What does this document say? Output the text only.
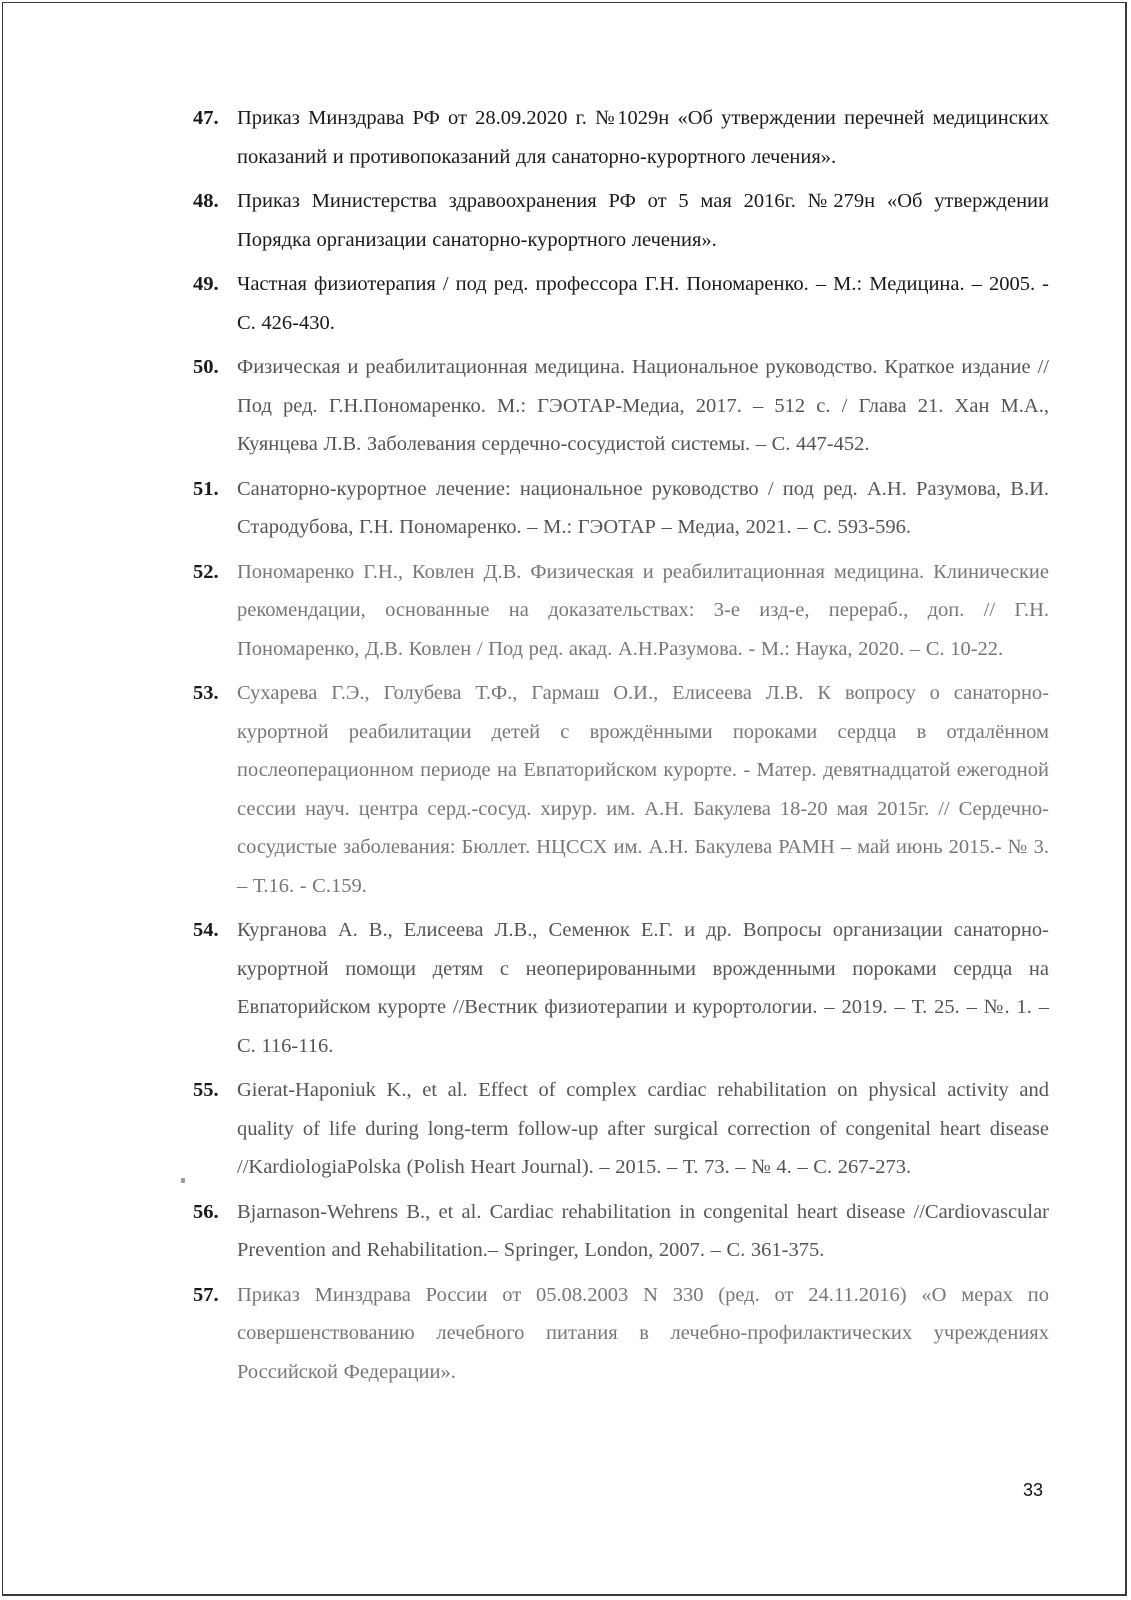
47. Приказ Минздрава РФ от 28.09.2020 г. №1029н «Об утверждении перечней медицинских показаний и противопоказаний для санаторно-курортного лечения».
48. Приказ Министерства здравоохранения РФ от 5 мая 2016г. №279н «Об утверждении Порядка организации санаторно-курортного лечения».
49. Частная физиотерапия / под ред. профессора Г.Н. Пономаренко. – М.: Медицина. – 2005. - С. 426-430.
50. Физическая и реабилитационная медицина. Национальное руководство. Краткое издание // Под ред. Г.Н.Пономаренко. М.: ГЭОТАР-Медиа, 2017. – 512 с. / Глава 21. Хан М.А., Куянцева Л.В. Заболевания сердечно-сосудистой системы. – С. 447-452.
51. Санаторно-курортное лечение: национальное руководство / под ред. А.Н. Разумова, В.И. Стародубова, Г.Н. Пономаренко. – М.: ГЭОТАР – Медиа, 2021. – С. 593-596.
52. Пономаренко Г.Н., Ковлен Д.В. Физическая и реабилитационная медицина. Клинические рекомендации, основанные на доказательствах: 3-е изд-е, перераб., доп. // Г.Н. Пономаренко, Д.В. Ковлен / Под ред. акад. А.Н.Разумова. - М.: Наука, 2020. – С. 10-22.
53. Сухарева Г.Э., Голубева Т.Ф., Гармаш О.И., Елисеева Л.В. К вопросу о санаторно-курортной реабилитации детей с врождёнными пороками сердца в отдалённом послеоперационном периоде на Евпаторийском курорте. - Матер. девятнадцатой ежегодной сессии науч. центра серд.-сосуд. хирур. им. А.Н. Бакулева 18-20 мая 2015г. // Сердечно-сосудистые заболевания: Бюллет. НЦССХ им. А.Н. Бакулева РАМН – май июнь 2015.- № 3. – Т.16. - С.159.
54. Курганова А. В., Елисеева Л.В., Семенюк Е.Г. и др. Вопросы организации санаторно-курортной помощи детям с неоперированными врожденными пороками сердца на Евпаторийском курорте //Вестник физиотерапии и курортологии. – 2019. – Т. 25. – №. 1. – С. 116-116.
55. Gierat-Haponiuk K., et al. Effect of complex cardiac rehabilitation on physical activity and quality of life during long-term follow-up after surgical correction of congenital heart disease //KardiologiaPolska (Polish Heart Journal). – 2015. – Т. 73. – № 4. – С. 267-273.
56. Bjarnason-Wehrens B., et al. Cardiac rehabilitation in congenital heart disease //Cardiovascular Prevention and Rehabilitation.– Springer, London, 2007. – С. 361-375.
57. Приказ Минздрава России от 05.08.2003 N 330 (ред. от 24.11.2016) «О мерах по совершенствованию лечебного питания в лечебно-профилактических учреждениях Российской Федерации».
33
